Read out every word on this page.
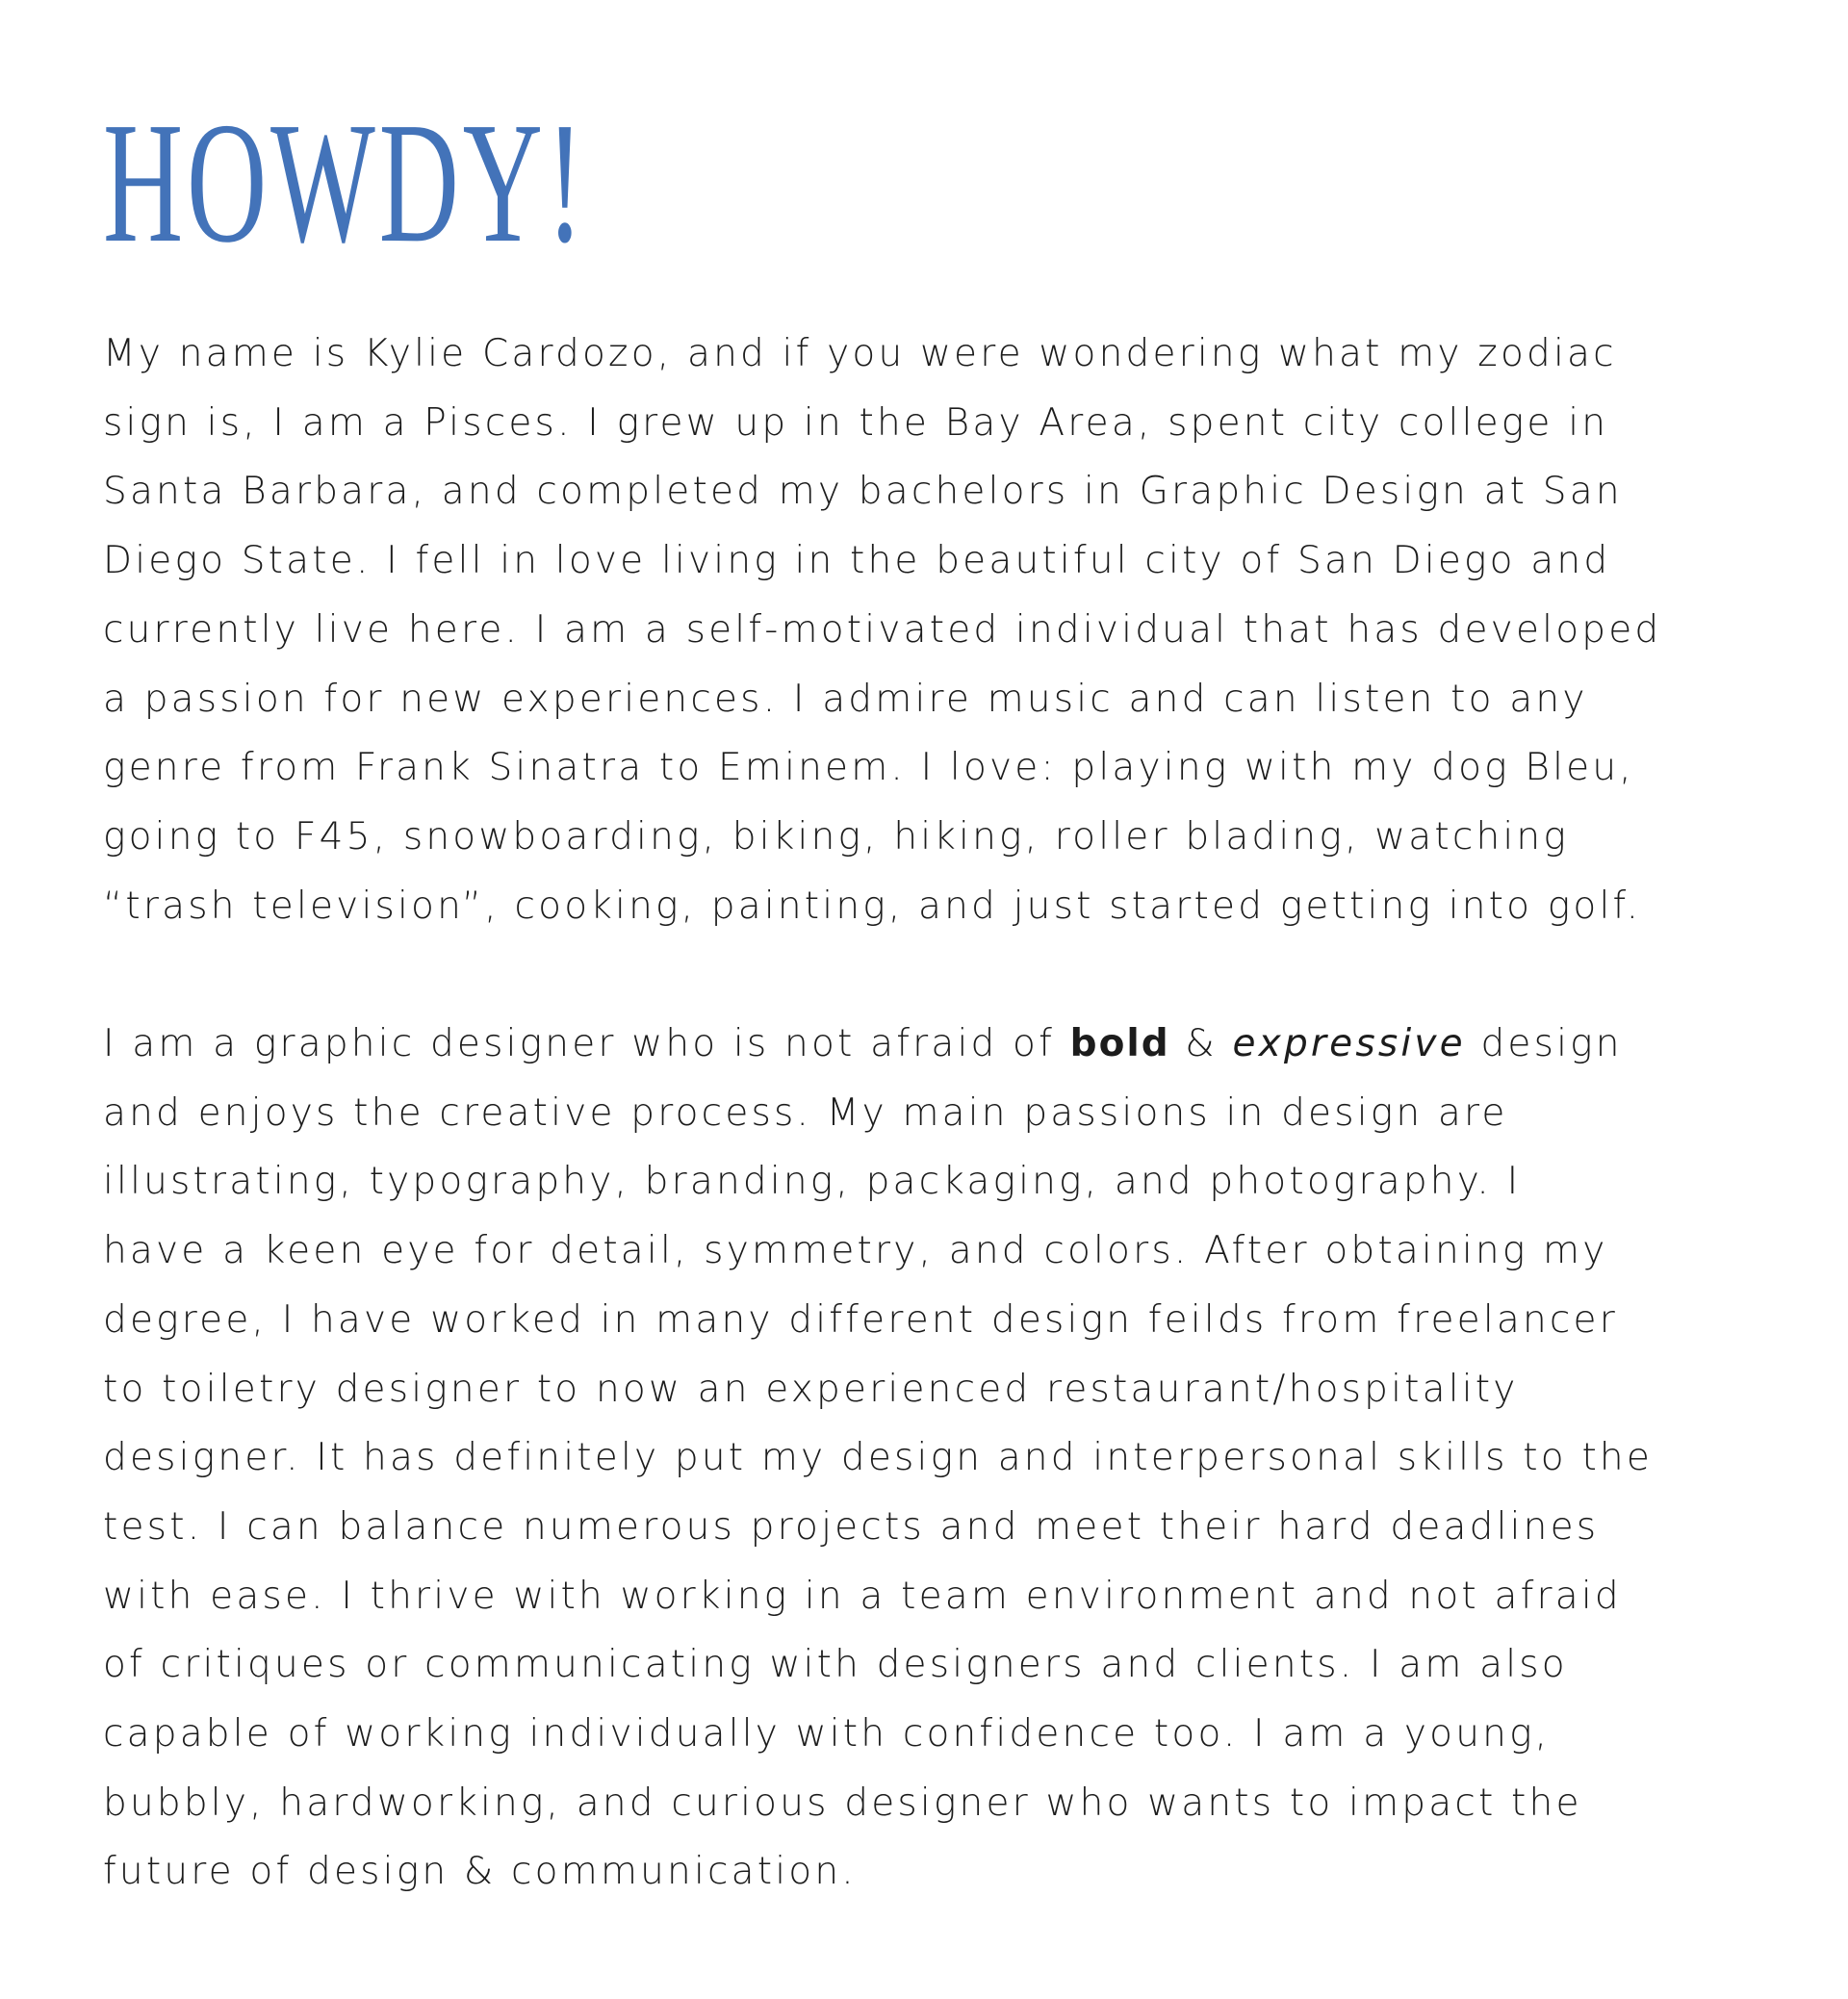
HOWDY!

My name is Kylie Cardozo, and if you were wondering what my zodiac
sign is, I am a Pisces. I grew up in the Bay Area, spent city college in
Santa Barbara, and completed my bachelors in Graphic Design at San
Diego State. I fell in love living in the beautiful city of San Diego and
currently live here. I am a self-motivated individual that has developed
a passion for new experiences. I admire music and can listen to any
genre from Frank Sinatra to Eminem. I love: playing with my dog Bleu,
going to F45, snowboarding, biking, hiking, roller blading, watching
“trash television”, cooking, painting, and just started getting into golf.

I am a graphic designer who is not afraid of bold & expressive design
and enjoys the creative process. My main passions in design are
illustrating, typography, branding, packaging, and photography. I
have a keen eye for detail, symmetry, and colors. After obtaining my
degree, I have worked in many different design feilds from freelancer
to toiletry designer to now an experienced restaurant/hospitality
designer. It has definitely put my design and interpersonal skills to the
test. I can balance numerous projects and meet their hard deadlines
with ease. I thrive with working in a team environment and not afraid
of critiques or communicating with designers and clients. I am also
capable of working individually with confidence too. I am a young,
bubbly, hardworking, and curious designer who wants to impact the
future of design & communication.
